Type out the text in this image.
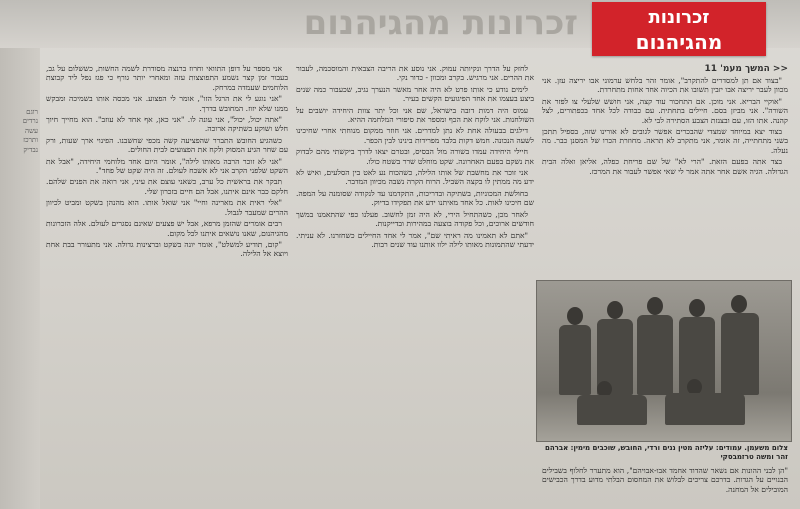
זכרונות מהגיהנום
רוגם
נרדים
עשה
ותרכז
נבדיק
זכרונות
מהגיהנום
<< המשך מעמ' 11

"בצוד אם תן למסדרים להתקרב", אומר זהר בלחש ערמוני אבו יריצה עזן. אני מכוון לעבר יריצה אבו יזבין תשובו את הכיוה אחד אחות מתחרדת.

"אוקיי הבריא. אני מוכן. אם התחכור עוד קצה, אני חושש שלעלי צו לפזר את השורה". אני מביזן בסם. חיילים בתחתית. עם כבודה לכל אחד בכפתורים, לצל קהנה. אתו הזו, עם ובצנזת הצבע הסתירה לבי לא.

בצוד יצא במיוחד שמצדי שהבכרים אפשר לגובים לא אורינו שזה, בספיל תתכן בשני מתחתייה, זה אומר, אני מתקרב לא תראה. מחוזרת הכרו של המסנן כבר. מה נעלה.

בצד אתה בפעם הזאת. "הרי לא" של שם פריחת כפלה, אליאן ואלה הבית הגדולה. הגיה אשם אחר אתה אמר לי שאי אפשר לעבור את המרכז.

צלום משעמן. עמודים: עליזה מטין ננים ורדי, החובש, שוכבים מימין: אברהם זהר ומשה טרזמבסקי

"הן לבני ההונות אם נשאר שהדוד אחמד אבו-אבויהם", הוא מתערר לחלוף בשבילים הבנויים על הגדות. בדרכם צריכים לבלוש את המחסום הבלתי מדוע בדרך הכבישים המובילים אל המחנה.

לחזק על הדרך ונקיותה עמוק. אני נוסע את הריבה הצבאית והמוסכמה, לעבור את ההרים. אני מרגיש. בקרב ומכוון - כדור נקי.

לימים נודע כי אותו פרט לא היה אחר מאשר הנערך נגיב, שכעבור כמה שנים ביצע בעצמו את אחד הפיגועים הקשים בעיר.

עמוס היה דמות דובה בישראל, שם אני וכל יתר צוות היחידה יושבים על השולחנות. אני לוקח את הכף ומספר את סיפורי המלחמה ההיא.

דילגים בבעולה אחת לא נתן למדרים. אני חוזר ממקום מנוחתי אחרי שחיכינו לשעה הנכונה. חמש דקות בלבד מפרידות בינינו לבין הכפר.

חיילי היחידה עמדו בשורה מול הבסיס, ובטרם יצאו לדרך ביקשתי מהם לבדוק את נשקם בפעם האחרונה. שקט מוחלט שרר בשטח כולו.

אני זוכר את מחשבת של אותו הלילה, כשהכוח נע לאט בין הסלעים, ואיש לא ידע מה ממתין לו בקצה השביל. הרוח הקרה נשבה מכיוון המדבר.

בחולשת המכוניות, בשתיקה ובדריכות, התקדמנו עד לנקודה שסומנה על המפה. שם חיכינו לאות. כל אחד מאיתנו ידע את תפקידו בדיוק.

לאחר מכן, כשהתחיל הירי, לא היה זמן לחשוב. פעלנו כפי שהתאמנו במשך חודשים ארוכים, וכל פקודה בוצעה במהירות ובדייקנות.

"אתם לא תאמינו מה ראיתי שם", אמר לי אחד החיילים כשחזרנו. לא עניתי. ידעתי שהתמונות מאותו לילה ילוו אותנו עוד שנים רבות.

אני מספר על דופן התוואי וחרוז ברנצה מסודרת לשמה החשות, כששלום על גב, בעבור זמן קצר נשמע התפוצצות עזה ומאחרי יותר גורף כי פגז נפל ליד קבוצת הלוחמים שעמדה במרחק.

"אני נוגע לי את הרגל הזו", אומר לי הפצוע. אני מכסה אותו בשמיכה ומבקש ממנו שלא יזוז. המחובש בדרך.

"אתה יכול, יכול", אני עונה לו. "אני כאן, אף אחד לא עוזב". הוא מחייך חיוך חלש ושוקע בשתיקה ארוכה.

כשהגיע החובש התברר שהפציעה קשה מכפי שחשבנו. הפינוי ארך שעות, ורק עם שחר הגיע המסוק ולקח את הפצועים לבית החולים.

"אני לא זוכר הרבה מאותו לילה", אומר היום אחד מלוחמי היחידה, "אבל את השקט שלפני הקרב אני לא אשכח לעולם. זה היה שקט של פחד".

תבקר את בראשית כל ערב, כשאני עוצם את עיני, אני רואה את הפנים שלהם. חלקם כבר אינם איתנו, אבל הם חיים בזכרון שלי.

"אלי ראית את מארינה וחיי" אני שואל אותו. הוא מהנהן בשקט ומביט לכיוון ההרים שמעבר לגבול.

רבים אומרים שהזמן מרפא, אבל יש פצעים שאינם נסגרים לעולם. אלה הזכרונות מהגיהנום, שאנו נושאים איתנו לכל מקום.

"קום, תודיע למשלט", אומר יונה בשקט וברצינות גדולה. אני מתעורר בבת אחת ויוצא אל הלילה.
